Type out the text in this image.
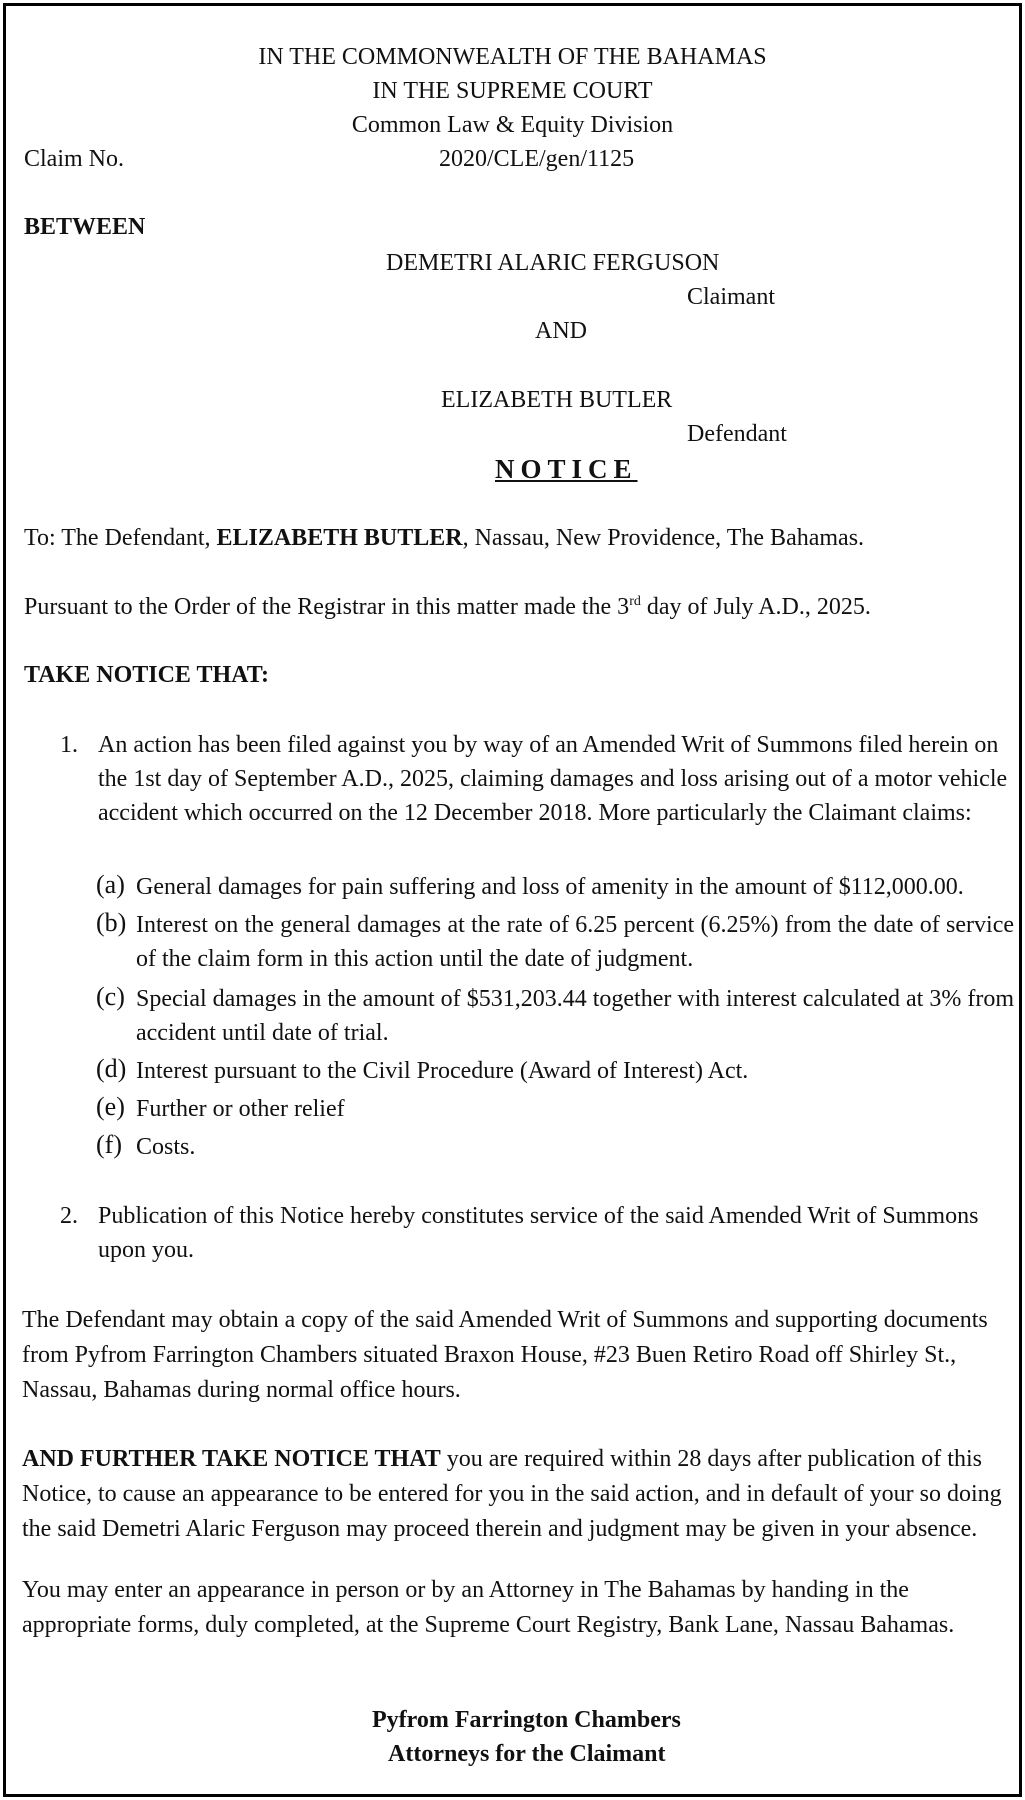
IN THE COMMONWEALTH OF THE BAHAMAS
IN THE SUPREME COURT
Common Law & Equity Division
Claim No.	2020/CLE/gen/1125
BETWEEN
DEMETRI ALARIC FERGUSON
Claimant
AND
ELIZABETH BUTLER
Defendant
NOTICE
To: The Defendant, ELIZABETH BUTLER, Nassau, New Providence, The Bahamas.
Pursuant to the Order of the Registrar in this matter made the 3rd day of July A.D., 2025.
TAKE NOTICE THAT:
1. An action has been filed against you by way of an Amended Writ of Summons filed herein on the 1st day of September A.D., 2025, claiming damages and loss arising out of a motor vehicle accident which occurred on the 12 December 2018. More particularly the Claimant claims:
(a) General damages for pain suffering and loss of amenity in the amount of $112,000.00.
(b) Interest on the general damages at the rate of 6.25 percent (6.25%) from the date of service of the claim form in this action until the date of judgment.
(c) Special damages in the amount of $531,203.44 together with interest calculated at 3% from accident until date of trial.
(d) Interest pursuant to the Civil Procedure (Award of Interest) Act.
(e) Further or other relief
(f) Costs.
2. Publication of this Notice hereby constitutes service of the said Amended Writ of Summons upon you.
The Defendant may obtain a copy of the said Amended Writ of Summons and supporting documents from Pyfrom Farrington Chambers situated Braxon House, #23 Buen Retiro Road off Shirley St., Nassau, Bahamas during normal office hours.
AND FURTHER TAKE NOTICE THAT you are required within 28 days after publication of this Notice, to cause an appearance to be entered for you in the said action, and in default of your so doing the said Demetri Alaric Ferguson may proceed therein and judgment may be given in your absence.
You may enter an appearance in person or by an Attorney in The Bahamas by handing in the appropriate forms, duly completed, at the Supreme Court Registry, Bank Lane, Nassau Bahamas.
Pyfrom Farrington Chambers
Attorneys for the Claimant
